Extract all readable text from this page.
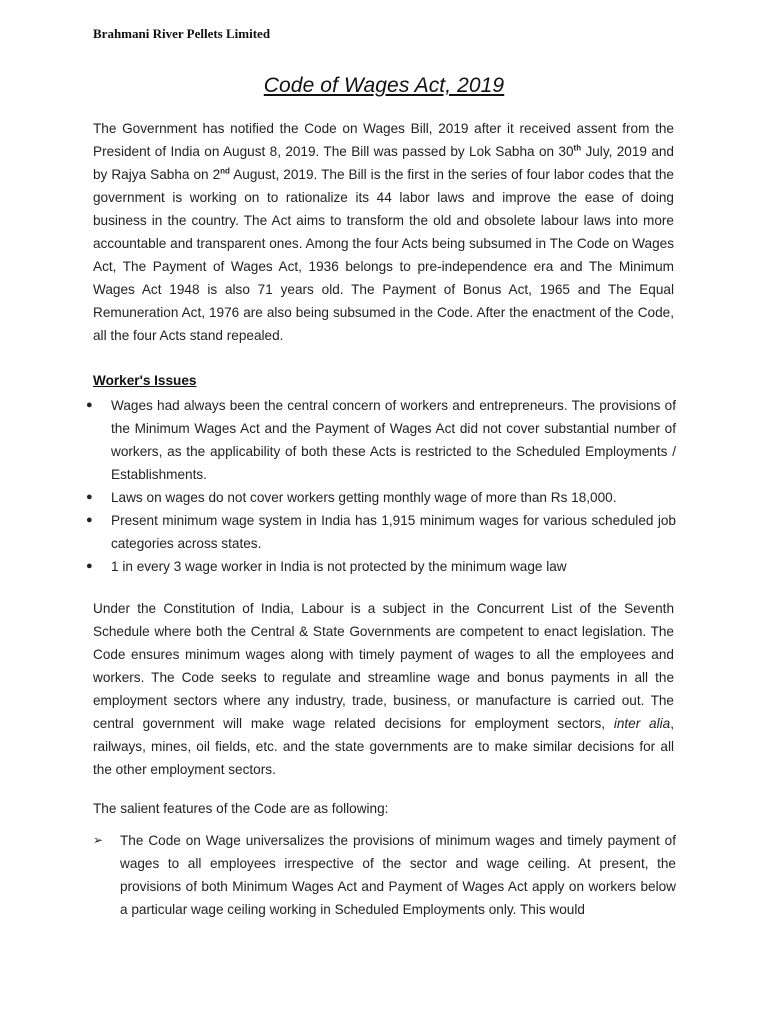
Brahmani River Pellets Limited
Code of Wages Act, 2019

The Government has notified the Code on Wages Bill, 2019 after it received assent from the President of India on August 8, 2019. The Bill was passed by Lok Sabha on 30th July, 2019 and by Rajya Sabha on 2nd August, 2019. The Bill is the first in the series of four labor codes that the government is working on to rationalize its 44 labor laws and improve the ease of doing business in the country. The Act aims to transform the old and obsolete labour laws into more accountable and transparent ones. Among the four Acts being subsumed in The Code on Wages Act, The Payment of Wages Act, 1936 belongs to pre-independence era and The Minimum Wages Act 1948 is also 71 years old. The Payment of Bonus Act, 1965 and The Equal Remuneration Act, 1976 are also being subsumed in the Code. After the enactment of the Code, all the four Acts stand repealed.

Worker's Issues
● Wages had always been the central concern of workers and entrepreneurs. The provisions of the Minimum Wages Act and the Payment of Wages Act did not cover substantial number of workers, as the applicability of both these Acts is restricted to the Scheduled Employments / Establishments.
● Laws on wages do not cover workers getting monthly wage of more than Rs 18,000.
● Present minimum wage system in India has 1,915 minimum wages for various scheduled job categories across states.
● 1 in every 3 wage worker in India is not protected by the minimum wage law

Under the Constitution of India, Labour is a subject in the Concurrent List of the Seventh Schedule where both the Central & State Governments are competent to enact legislation. The Code ensures minimum wages along with timely payment of wages to all the employees and workers. The Code seeks to regulate and streamline wage and bonus payments in all the employment sectors where any industry, trade, business, or manufacture is carried out. The central government will make wage related decisions for employment sectors, inter alia, railways, mines, oil fields, etc. and the state governments are to make similar decisions for all the other employment sectors.

The salient features of the Code are as following:

➢ The Code on Wage universalizes the provisions of minimum wages and timely payment of wages to all employees irrespective of the sector and wage ceiling. At present, the provisions of both Minimum Wages Act and Payment of Wages Act apply on workers below a particular wage ceiling working in Scheduled Employments only. This would
